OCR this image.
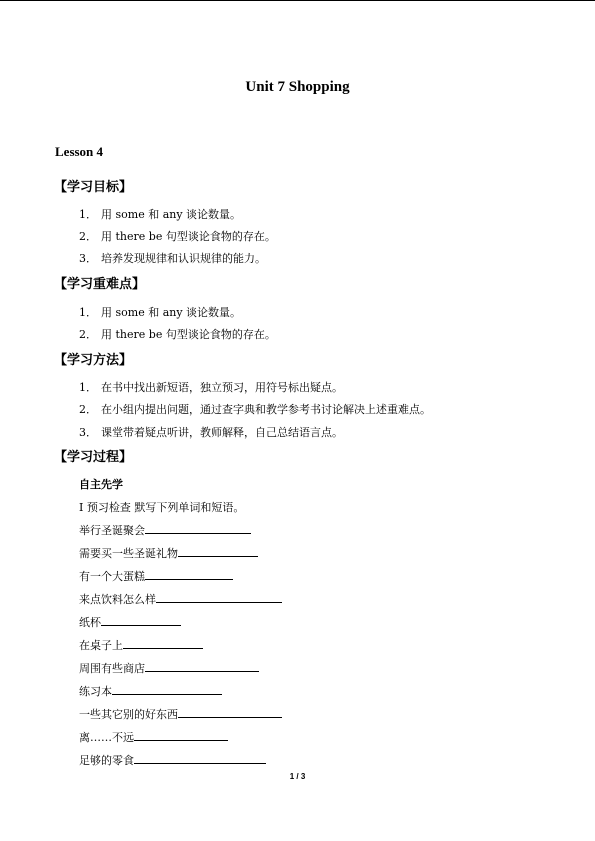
Unit 7 Shopping
Lesson 4
【学习目标】
1． 用 some 和 any 谈论数量。
2． 用 there be 句型谈论食物的存在。
3． 培养发现规律和认识规律的能力。
【学习重难点】
1． 用 some 和 any 谈论数量。
2． 用 there be 句型谈论食物的存在。
【学习方法】
1． 在书中找出新短语，独立预习，用符号标出疑点。
2． 在小组内提出问题，通过查字典和教学参考书讨论解决上述重难点。
3． 课堂带着疑点听讲，教师解释，自己总结语言点。
【学习过程】
自主先学
Ⅰ 预习检查 默写下列单词和短语。
举行圣诞聚会
需要买一些圣诞礼物
有一个大蛋糕
来点饮料怎么样
纸杯
在桌子上
周围有些商店
练习本
一些其它别的好东西
离……不远
足够的零食
1 / 3
